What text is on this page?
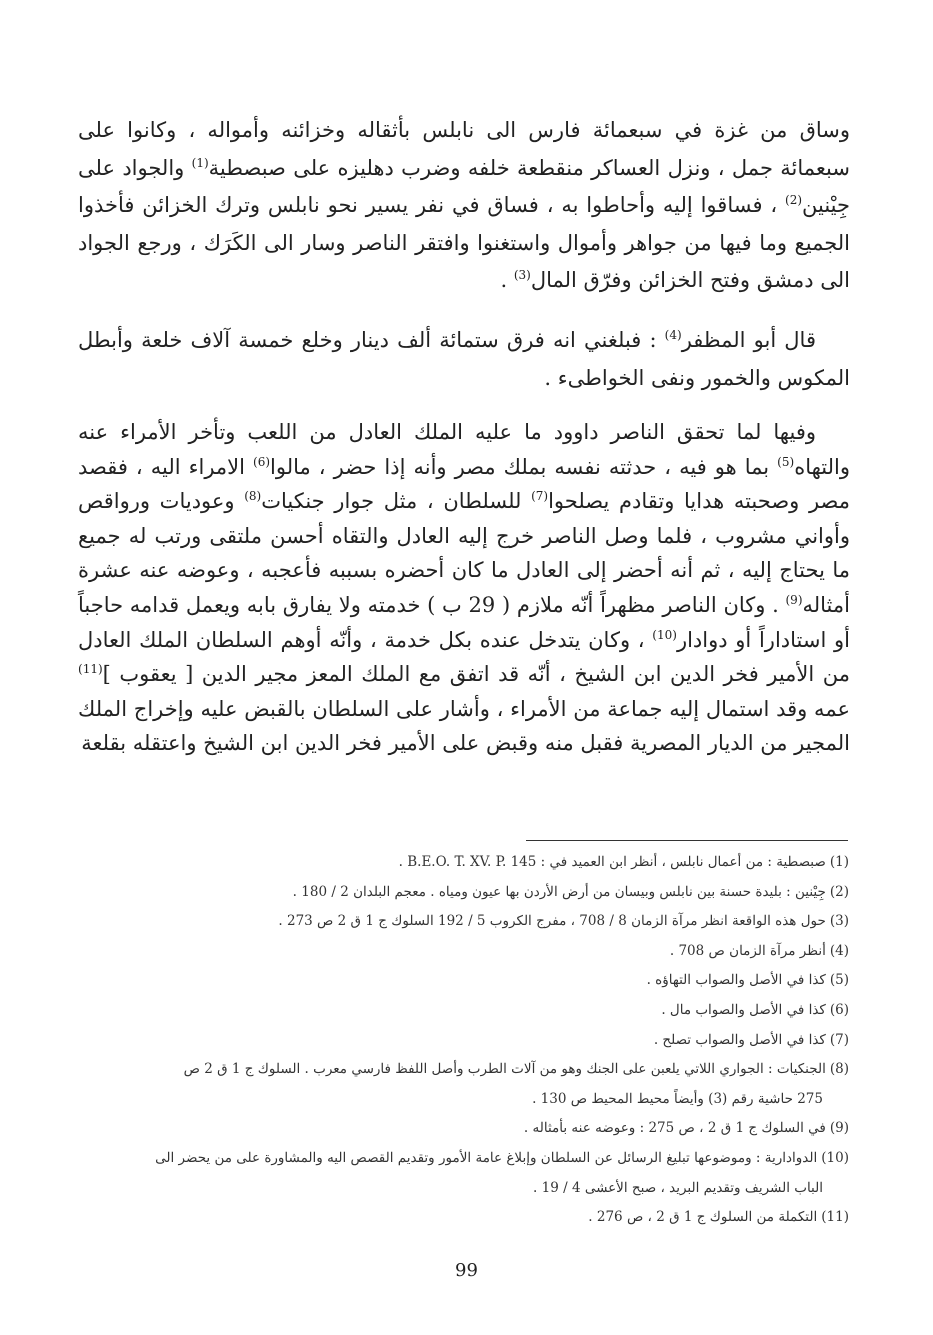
وساق من غزة في سبعمائة فارس الى نابلس بأثقاله وخزائنه وأمواله ، وكانوا على سبعمائة جمل ، ونزل العساكر منقطعة خلفه وضرب دهليزه على صبصطية$^{(1)}$ والجواد على جِيْنين$^{(2)}$ ، فساقوا إليه وأحاطوا به ، فساق في نفر يسير نحو نابلس وترك الخزائن فأخذوا الجميع وما فيها من جواهر وأموال واستغنوا وافتقر الناصر وسار الى الكَرَك ، ورجع الجواد الى دمشق وفتح الخزائن وفرّق المال$^{(3)}$ .

قال أبو المظفر$^{(4)}$ : فبلغني انه فرق ستمائة ألف دينار وخلع خمسة آلاف خلعة وأبطل المكوس والخمور ونفى الخواطىء .

وفيها لما تحقق الناصر داوود ما عليه الملك العادل من اللعب وتأخر الأمراء عنه والتهاه$^{(5)}$ بما هو فيه ، حدثته نفسه بملك مصر وأنه إذا حضر ، مالوا$^{(6)}$ الامراء اليه ، فقصد مصر وصحبته هدايا وتقادم يصلحوا$^{(7)}$ للسلطان ، مثل جوار جنكيات$^{(8)}$ وعوديات ورواقص وأواني مشروب ، فلما وصل الناصر خرج إليه العادل والتقاه أحسن ملتقى ورتب له جميع ما يحتاج إليه ، ثم أنه أحضر إلى العادل ما كان أحضره بسببه فأعجبه ، وعوضه عنه عشرة أمثاله$^{(9)}$ . وكان الناصر مظهراً أنّه ملازم ( 29 ب ) خدمته ولا يفارق بابه ويعمل قدامه حاجباً أو استاداراً أو دوادار$^{(10)}$ ، وكان يتدخل عنده بكل خدمة ، وأنّه أوهم السلطان الملك العادل من الأمير فخر الدين ابن الشيخ ، أنّه قد اتفق مع الملك المعز مجير الدين [ يعقوب ]$^{(11)}$ عمه وقد استمال إليه جماعة من الأمراء ، وأشار على السلطان بالقبض عليه وإخراج الملك المجير من الديار المصرية فقبل منه وقبض على الأمير فخر الدين ابن الشيخ واعتقله بقلعة

(1)صبصطية : من أعمال نابلس ، أنظر ابن العميد في : B.E.O. T. XV. P. 145 .

(2)جِيْنين : بليدة حسنة بين نابلس وبيسان من أرض الأردن بها عيون ومياه . معجم البلدان 2 / 180 .

(3)حول هذه الواقعة انظر مرآة الزمان 8 / 708 ، مفرج الكروب 5 / 192 السلوك ج 1 ق 2 ص 273 .

(4)أنظر مرآة الزمان ص 708 .

(5)كذا في الأصل والصواب التهاؤه .

(6)كذا في الأصل والصواب مال .

(7)كذا في الأصل والصواب تصلح .

(8)الجنكيات : الجواري اللاتي يلعبن على الجنك وهو من آلات الطرب وأصل اللفظ فارسي معرب . السلوك ج 1 ق 2 ص

275 حاشية رقم (3) وأيضاً محيط المحيط ص 130 .

(9)في السلوك ج 1 ق 2 ، ص 275 : وعوضه عنه بأمثاله .

(10)الدوادارية : وموضوعها تبليغ الرسائل عن السلطان وإبلاغ عامة الأمور وتقديم القصص اليه والمشاورة على من يحضر الى

الباب الشريف وتقديم البريد ، صبح الأعشى 4 / 19 .

(11)التكملة من السلوك ج 1 ق 2 ، ص 276 .

99
